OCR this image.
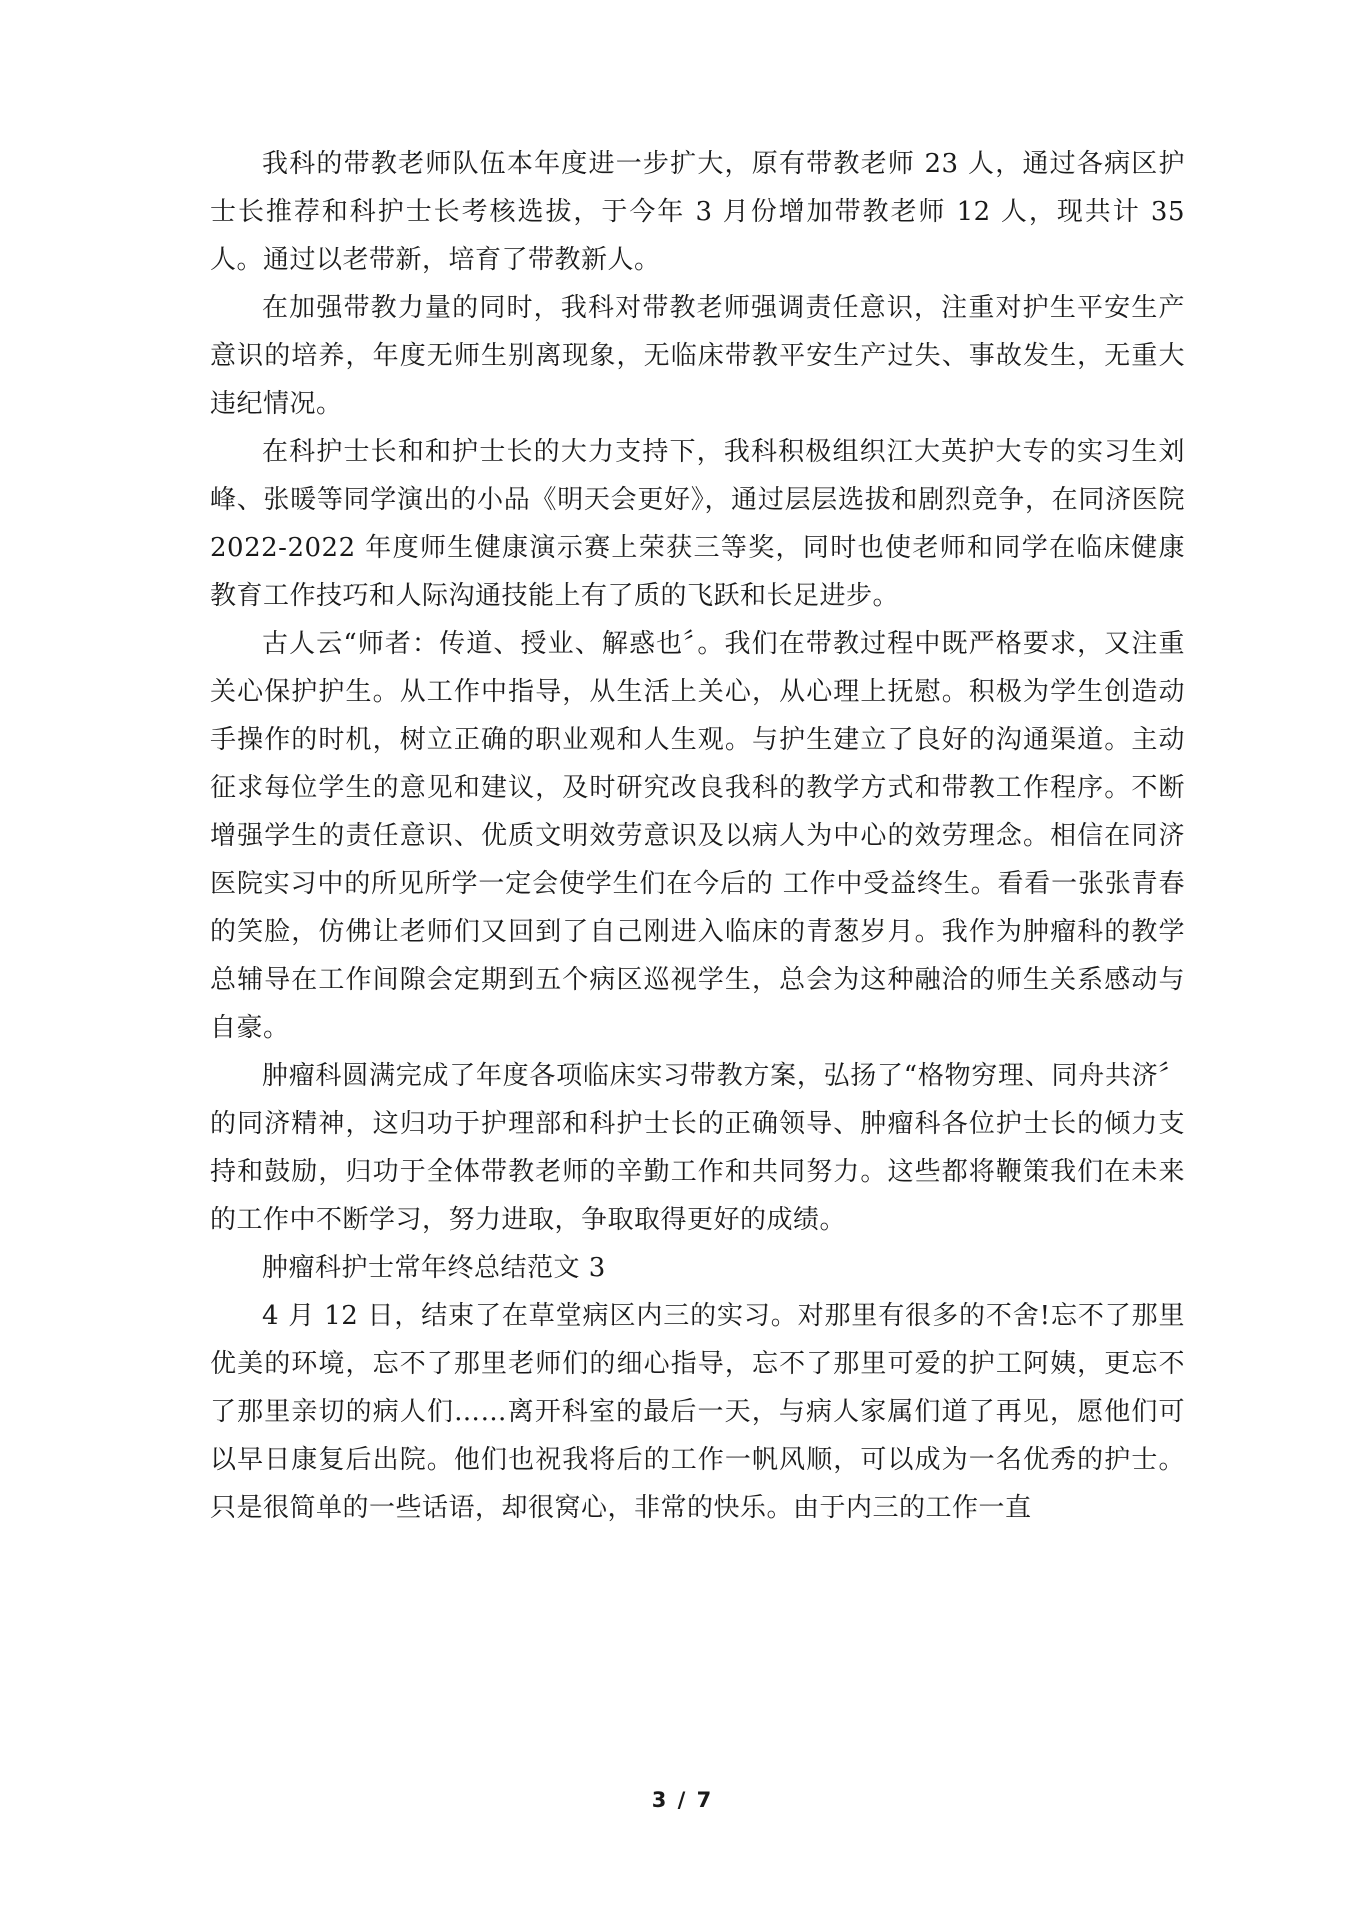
我科的带教老师队伍本年度进一步扩大，原有带教老师 23 人，通过各病区护士长推荐和科护士长考核选拔，于今年 3 月份增加带教老师 12 人，现共计 35 人。通过以老带新，培育了带教新人。

在加强带教力量的同时，我科对带教老师强调责任意识，注重对护生平安生产意识的培养，年度无师生别离现象，无临床带教平安生产过失、事故发生，无重大违纪情况。

在科护士长和和护士长的大力支持下，我科积极组织江大英护大专的实习生刘峰、张暖等同学演出的小品《明天会更好》，通过层层选拔和剧烈竞争，在同济医院 2022-2022 年度师生健康演示赛上荣获三等奖，同时也使老师和同学在临床健康教育工作技巧和人际沟通技能上有了质的飞跃和长足进步。

古人云“师者：传道、授业、解惑也〞。我们在带教过程中既严格要求，又注重关心保护护生。从工作中指导，从生活上关心，从心理上抚慰。积极为学生创造动手操作的时机，树立正确的职业观和人生观。与护生建立了良好的沟通渠道。主动征求每位学生的意见和建议，及时研究改良我科的教学方式和带教工作程序。不断增强学生的责任意识、优质文明效劳意识及以病人为中心的效劳理念。相信在同济医院实习中的所见所学一定会使学生们在今后的 工作中受益终生。看看一张张青春的笑脸，仿佛让老师们又回到了自己刚进入临床的青葱岁月。我作为肿瘤科的教学总辅导在工作间隙会定期到五个病区巡视学生，总会为这种融洽的师生关系感动与自豪。

肿瘤科圆满完成了年度各项临床实习带教方案，弘扬了“格物穷理、同舟共济〞的同济精神，这归功于护理部和科护士长的正确领导、肿瘤科各位护士长的倾力支持和鼓励，归功于全体带教老师的辛勤工作和共同努力。这些都将鞭策我们在未来的工作中不断学习，努力进取，争取取得更好的成绩。

肿瘤科护士常年终总结范文 3

4 月 12 日，结束了在草堂病区内三的实习。对那里有很多的不舍!忘不了那里优美的环境，忘不了那里老师们的细心指导，忘不了那里可爱的护工阿姨，更忘不了那里亲切的病人们……离开科室的最后一天，与病人家属们道了再见，愿他们可以早日康复后出院。他们也祝我将后的工作一帆风顺，可以成为一名优秀的护士。只是很简单的一些话语，却很窝心，非常的快乐。由于内三的工作一直

3 / 7
